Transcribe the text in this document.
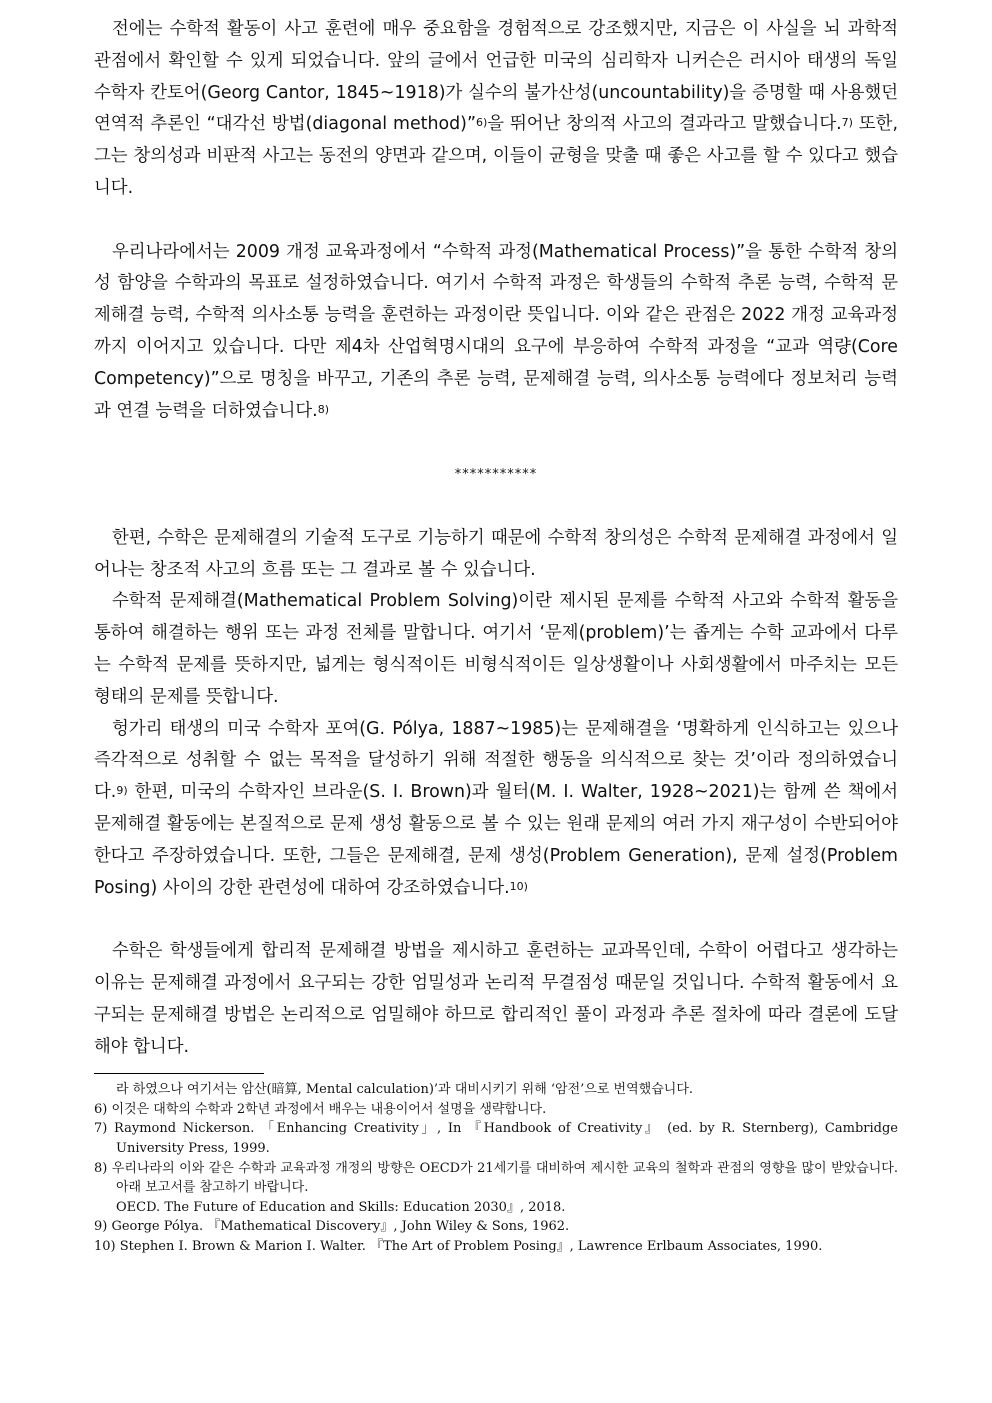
전에는 수학적 활동이 사고 훈련에 매우 중요함을 경험적으로 강조했지만, 지금은 이 사실을 뇌 과학적 관점에서 확인할 수 있게 되었습니다. 앞의 글에서 언급한 미국의 심리학자 니커슨은 러시아 태생의 독일 수학자 칸토어(Georg Cantor, 1845~1918)가 실수의 불가산성(uncountability)을 증명할 때 사용했던 연역적 추론인 “대각선 방법(diagonal method)”$^{6)}$을 뛰어난 창의적 사고의 결과라고 말했습니다.$^{7)}$ 또한, 그는 창의성과 비판적 사고는 동전의 양면과 같으며, 이들이 균형을 맞출 때 좋은 사고를 할 수 있다고 했습니다.

우리나라에서는 2009 개정 교육과정에서 “수학적 과정(Mathematical Process)”을 통한 수학적 창의성 함양을 수학과의 목표로 설정하였습니다. 여기서 수학적 과정은 학생들의 수학적 추론 능력, 수학적 문제해결 능력, 수학적 의사소통 능력을 훈련하는 과정이란 뜻입니다. 이와 같은 관점은 2022 개정 교육과정까지 이어지고 있습니다. 다만 제4차 산업혁명시대의 요구에 부응하여 수학적 과정을 “교과 역량(Core Competency)”으로 명칭을 바꾸고, 기존의 추론 능력, 문제해결 능력, 의사소통 능력에다 정보처리 능력과 연결 능력을 더하였습니다.$^{8)}$

***********

한편, 수학은 문제해결의 기술적 도구로 기능하기 때문에 수학적 창의성은 수학적 문제해결 과정에서 일어나는 창조적 사고의 흐름 또는 그 결과로 볼 수 있습니다.

수학적 문제해결(Mathematical Problem Solving)이란 제시된 문제를 수학적 사고와 수학적 활동을 통하여 해결하는 행위 또는 과정 전체를 말합니다. 여기서 ‘문제(problem)’는 좁게는 수학 교과에서 다루는 수학적 문제를 뜻하지만, 넓게는 형식적이든 비형식적이든 일상생활이나 사회생활에서 마주치는 모든 형태의 문제를 뜻합니다.

헝가리 태생의 미국 수학자 포여(G. Pólya, 1887~1985)는 문제해결을 ‘명확하게 인식하고는 있으나 즉각적으로 성취할 수 없는 목적을 달성하기 위해 적절한 행동을 의식적으로 찾는 것’이라 정의하였습니다.$^{9)}$ 한편, 미국의 수학자인 브라운(S. I. Brown)과 월터(M. I. Walter, 1928~2021)는 함께 쓴 책에서 문제해결 활동에는 본질적으로 문제 생성 활동으로 볼 수 있는 원래 문제의 여러 가지 재구성이 수반되어야 한다고 주장하였습니다. 또한, 그들은 문제해결, 문제 생성(Problem Generation), 문제 설정(Problem Posing) 사이의 강한 관련성에 대하여 강조하였습니다.$^{10)}$

수학은 학생들에게 합리적 문제해결 방법을 제시하고 훈련하는 교과목인데, 수학이 어렵다고 생각하는 이유는 문제해결 과정에서 요구되는 강한 엄밀성과 논리적 무결점성 때문일 것입니다. 수학적 활동에서 요구되는 문제해결 방법은 논리적으로 엄밀해야 하므로 합리적인 풀이 과정과 추론 절차에 따라 결론에 도달해야 합니다.

라 하였으나 여기서는 암산(暗算, Mental calculation)’과 대비시키기 위해 ‘암전’으로 번역했습니다.

6) 이것은 대학의 수학과 2학년 과정에서 배우는 내용이어서 설명을 생략합니다.

7) Raymond Nickerson. 「Enhancing Creativity」, In 『Handbook of Creativity』 (ed. by R. Sternberg), Cambridge University Press, 1999.

8) 우리나라의 이와 같은 수학과 교육과정 개정의 방향은 OECD가 21세기를 대비하여 제시한 교육의 철학과 관점의 영향을 많이 받았습니다. 아래 보고서를 참고하기 바랍니다.

OECD. The Future of Education and Skills: Education 2030』, 2018.

9) George Pólya. 『Mathematical Discovery』, John Wiley & Sons, 1962.

10) Stephen I. Brown & Marion I. Walter. 『The Art of Problem Posing』, Lawrence Erlbaum Associates, 1990.
